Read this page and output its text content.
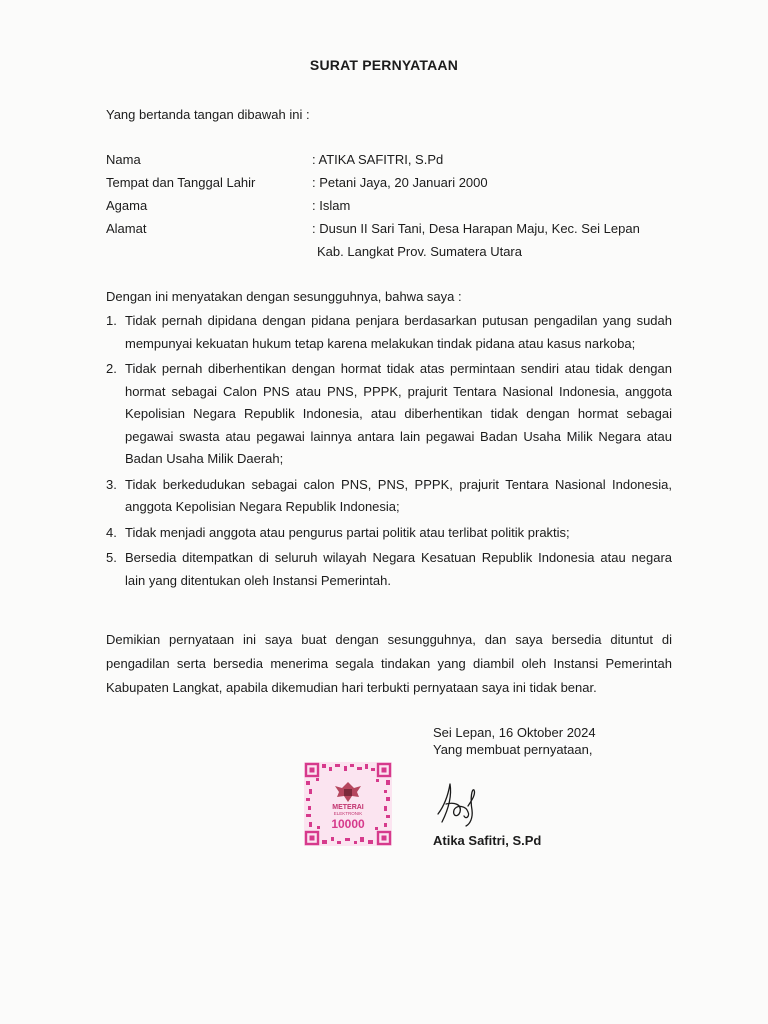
SURAT PERNYATAAN
Yang bertanda tangan dibawah ini :
Nama	: ATIKA SAFITRI, S.Pd
Tempat dan Tanggal Lahir	: Petani Jaya, 20 Januari 2000
Agama	: Islam
Alamat	: Dusun II Sari Tani, Desa Harapan Maju, Kec. Sei Lepan
Kab. Langkat Prov. Sumatera Utara
Dengan ini menyatakan dengan sesungguhnya, bahwa saya :
1. Tidak pernah dipidana dengan pidana penjara berdasarkan putusan pengadilan yang sudah mempunyai kekuatan hukum tetap karena melakukan tindak pidana atau kasus narkoba;
2. Tidak pernah diberhentikan dengan hormat tidak atas permintaan sendiri atau tidak dengan hormat sebagai Calon PNS atau PNS, PPPK, prajurit Tentara Nasional Indonesia, anggota Kepolisian Negara Republik Indonesia, atau diberhentikan tidak dengan hormat sebagai pegawai swasta atau pegawai lainnya antara lain pegawai Badan Usaha Milik Negara atau Badan Usaha Milik Daerah;
3. Tidak berkedudukan sebagai calon PNS, PNS, PPPK, prajurit Tentara Nasional Indonesia, anggota Kepolisian Negara Republik Indonesia;
4. Tidak menjadi anggota atau pengurus partai politik atau terlibat politik praktis;
5. Bersedia ditempatkan di seluruh wilayah Negara Kesatuan Republik Indonesia atau negara lain yang ditentukan oleh Instansi Pemerintah.
Demikian pernyataan ini saya buat dengan sesungguhnya, dan saya bersedia dituntut di pengadilan serta bersedia menerima segala tindakan yang diambil oleh Instansi Pemerintah Kabupaten Langkat, apabila dikemudian hari terbukti pernyataan saya ini tidak benar.
Sei Lepan, 16 Oktober 2024
Yang membuat pernyataan,
METERAI
ELEKTRONIK
10000
Atika Safitri, S.Pd
